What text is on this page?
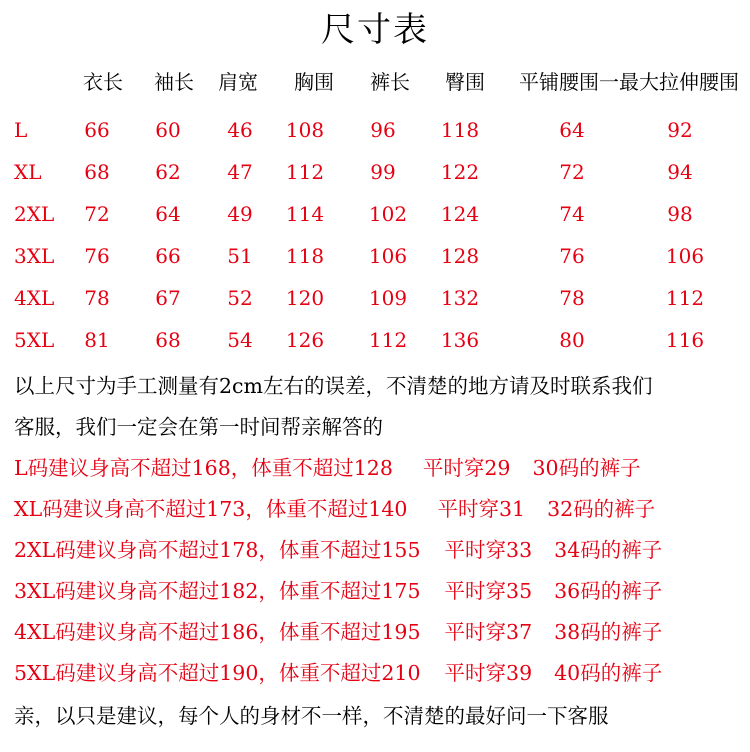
尺寸表
衣长 袖长 肩宽 胸围 裤长 臀围 平铺腰围一最大拉伸腰围
L	66 60 46 108 96 118	64	92
XL 68 62 47 112 99 122	72	94
2XL 72 64 49 114 102 124	74	98
3XL 76 66 51 118 106 128	76	106
4XL 78 67 52 120 109 132	78	112
5XL 81 68 54 126 112 136	80	116
以上尺寸为手工测量有2cm左右的误差，不清楚的地方请及时联系我们
客服，我们一定会在第一时间帮亲解答的
L码建议身高不超过168，体重不超过128 平时穿29 30码的裤子
XL码建议身高不超过173，体重不超过140 平时穿31 32码的裤子
2XL码建议身高不超过178，体重不超过155 平时穿33 34码的裤子
3XL码建议身高不超过182，体重不超过175 平时穿35 36码的裤子
4XL码建议身高不超过186，体重不超过195 平时穿37 38码的裤子
5XL码建议身高不超过190，体重不超过210 平时穿39 40码的裤子
亲，以只是建议，每个人的身材不一样，不清楚的最好问一下客服
